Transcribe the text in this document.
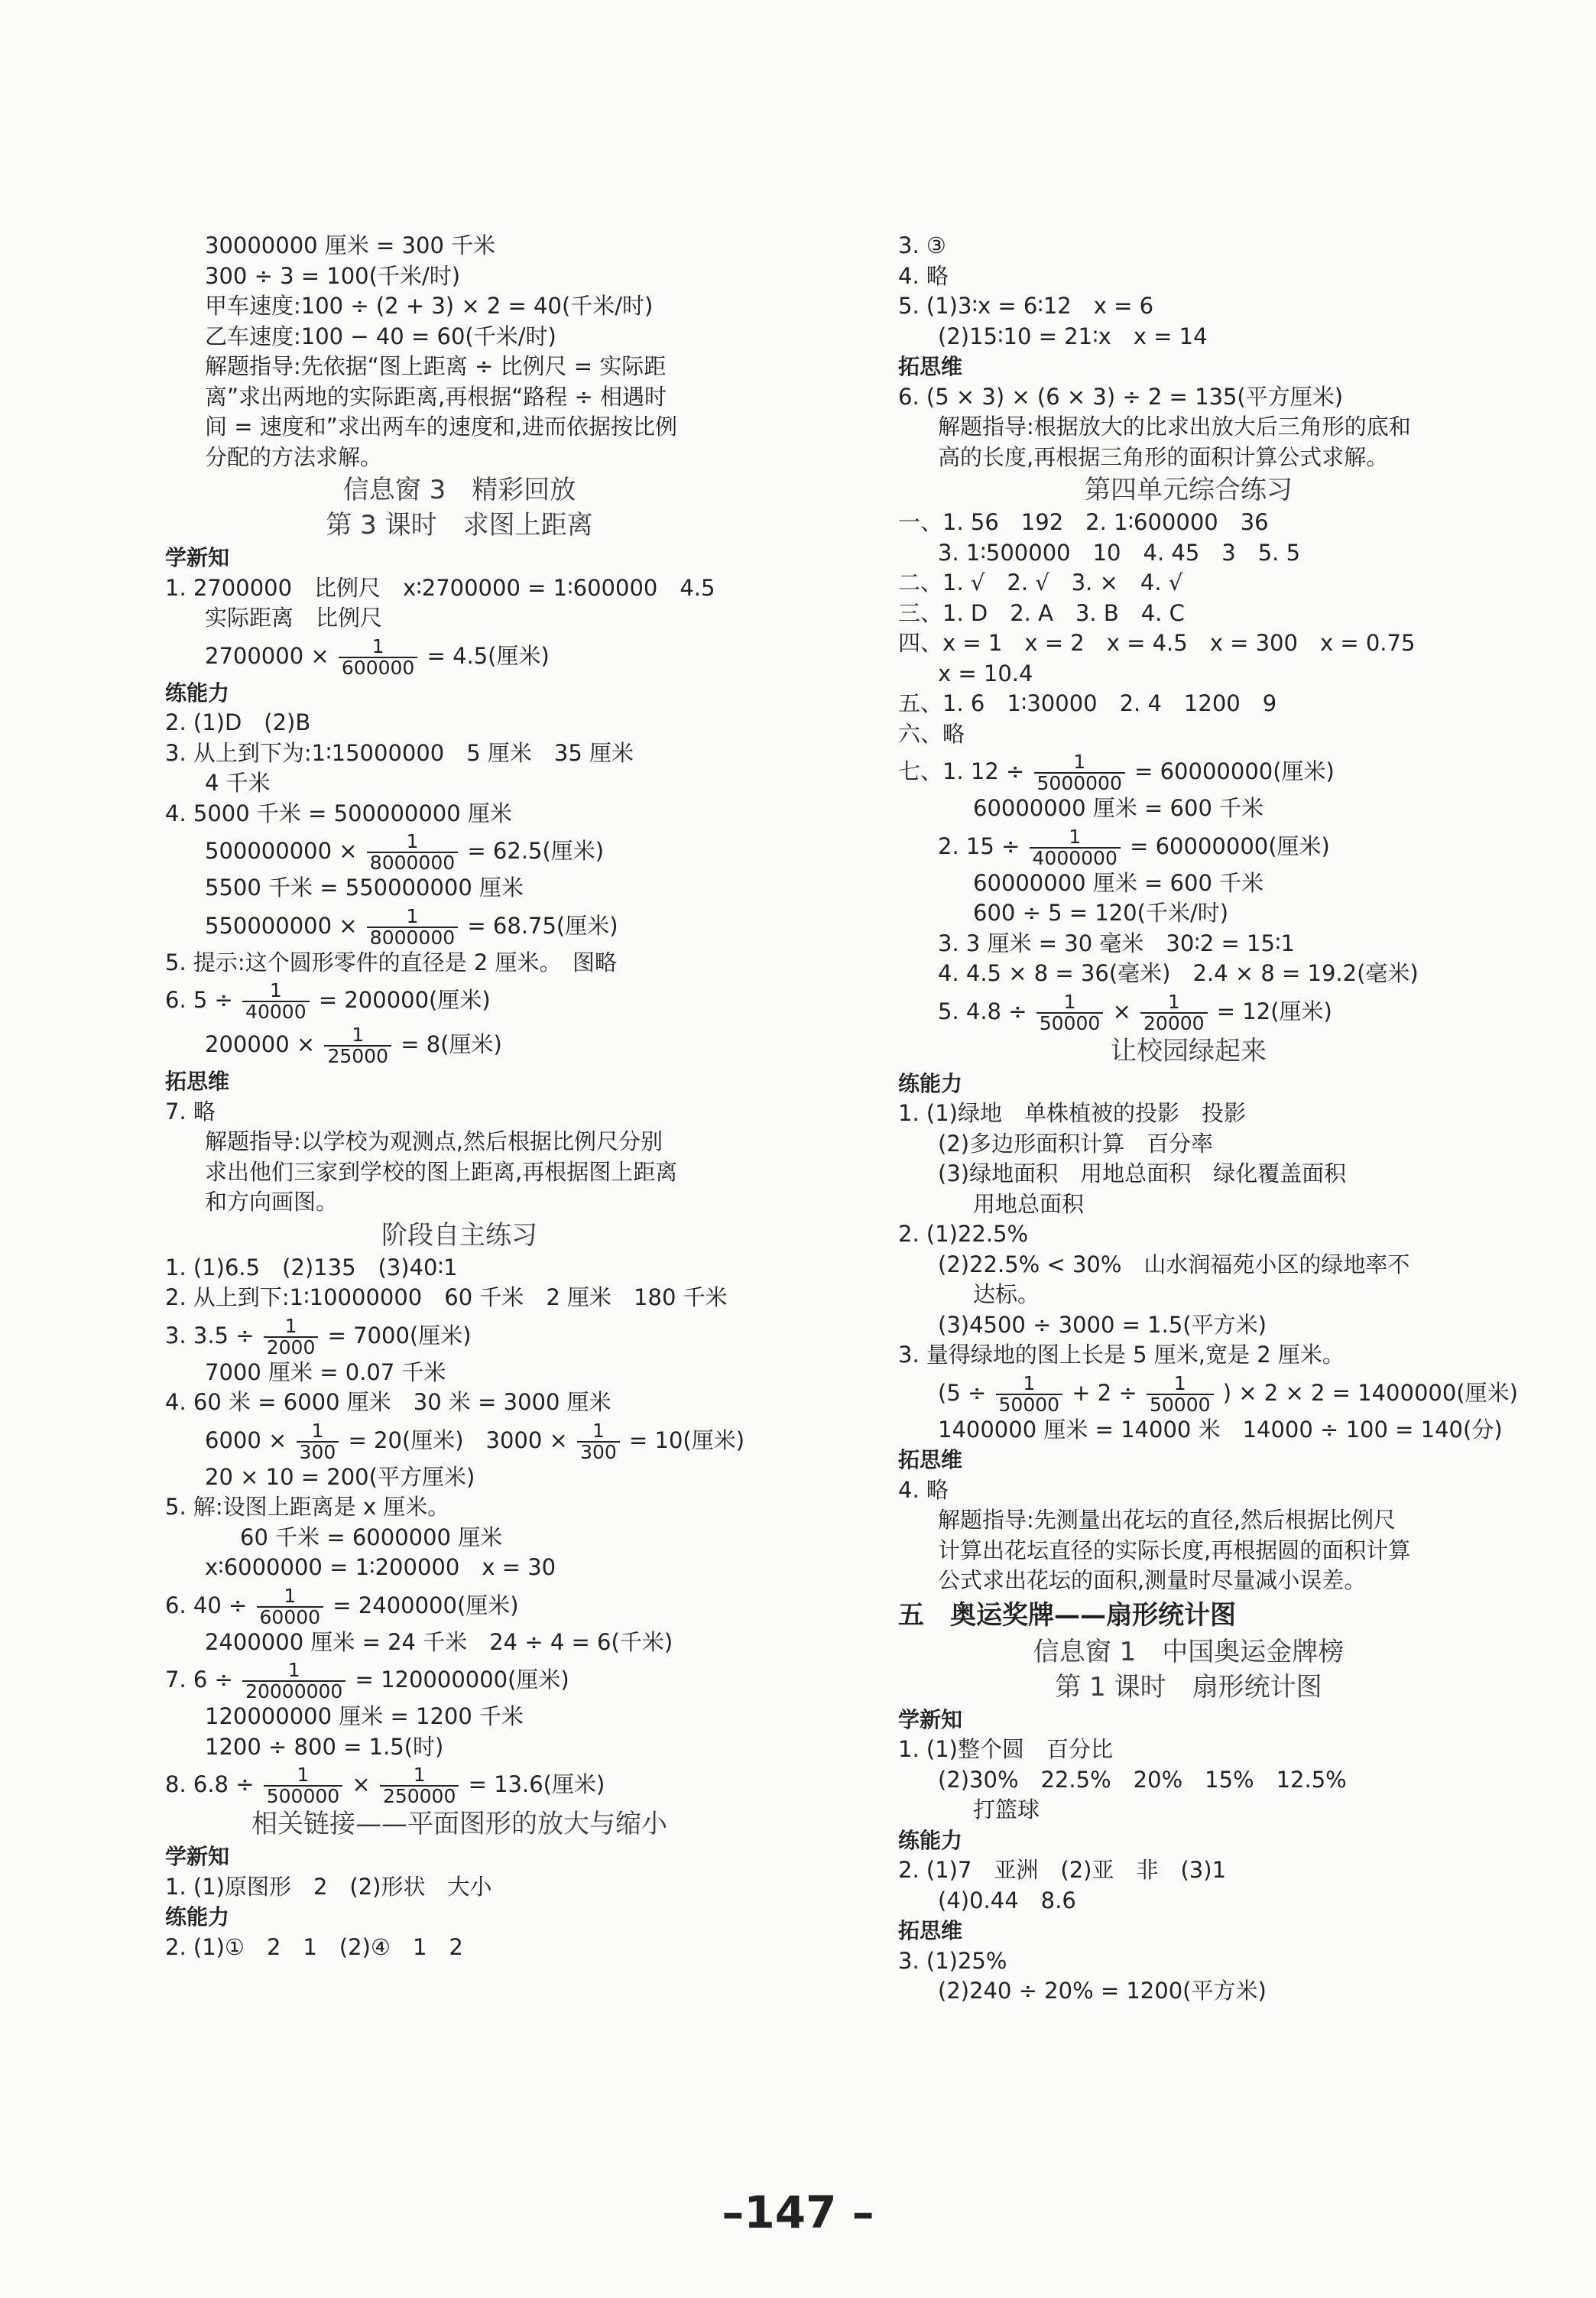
30000000 厘米 = 300 千米
300 ÷ 3 = 100(千米/时)
甲车速度:100 ÷ (2 + 3) × 2 = 40(千米/时)
乙车速度:100 − 40 = 60(千米/时)
解题指导:先依据“图上距离 ÷ 比例尺 = 实际距
离”求出两地的实际距离,再根据“路程 ÷ 相遇时
间 = 速度和”求出两车的速度和,进而依据按比例
分配的方法求解。
信息窗 3　精彩回放
第 3 课时　求图上距离
学新知
1. 2700000　比例尺　x∶2700000 = 1∶600000　4.5
实际距离　比例尺
$2700000 \times \frac{1}{600000} = 4.5$(厘米)
练能力
2. (1)D　(2)B
3. 从上到下为:1∶15000000　5 厘米　35 厘米
4 千米
4. 5000 千米 = 500000000 厘米
$500000000 \times \frac{1}{8000000} = 62.5$(厘米)
5500 千米 = 550000000 厘米
$550000000 \times \frac{1}{8000000} = 68.75$(厘米)
5. 提示:这个圆形零件的直径是 2 厘米。　图略
6. $5 \div \frac{1}{40000} = 200000$(厘米)
$200000 \times \frac{1}{25000} = 8$(厘米)
拓思维
7. 略
解题指导:以学校为观测点,然后根据比例尺分别
求出他们三家到学校的图上距离,再根据图上距离
和方向画图。
阶段自主练习
1. (1)6.5　(2)135　(3)40∶1
2. 从上到下:1∶10000000　60 千米　2 厘米　180 千米
3. $3.5 \div \frac{1}{2000} = 7000$(厘米)
7000 厘米 = 0.07 千米
4. 60 米 = 6000 厘米　30 米 = 3000 厘米
$6000 \times \frac{1}{300} = 20$(厘米)　$3000 \times \frac{1}{300} = 10$(厘米)
20 × 10 = 200(平方厘米)
5. 解:设图上距离是 x 厘米。
60 千米 = 6000000 厘米
x∶6000000 = 1∶200000　x = 30
6. $40 \div \frac{1}{60000} = 2400000$(厘米)
2400000 厘米 = 24 千米　24 ÷ 4 = 6(千米)
7. $6 \div \frac{1}{20000000} = 120000000$(厘米)
120000000 厘米 = 1200 千米
1200 ÷ 800 = 1.5(时)
8. $6.8 \div \frac{1}{500000} \times \frac{1}{250000} = 13.6$(厘米)
相关链接——平面图形的放大与缩小
学新知
1. (1)原图形　2　(2)形状　大小
练能力
2. (1)①　2　1　(2)④　1　2
3. ③
4. 略
5. (1)3∶x = 6∶12　x = 6
(2)15∶10 = 21∶x　x = 14
拓思维
6. (5 × 3) × (6 × 3) ÷ 2 = 135(平方厘米)
解题指导:根据放大的比求出放大后三角形的底和
高的长度,再根据三角形的面积计算公式求解。
第四单元综合练习
一、1. 56　192　2. 1∶600000　36
3. 1∶500000　10　4. 45　3　5. 5
二、1. √　2. √　3. ×　4. √
三、1. D　2. A　3. B　4. C
四、x = 1　x = 2　x = 4.5　x = 300　x = 0.75
x = 10.4
五、1. 6　1∶30000　2. 4　1200　9
六、略
七、1. $12 \div \frac{1}{5000000} = 60000000$(厘米)
60000000 厘米 = 600 千米
2. $15 \div \frac{1}{4000000} = 60000000$(厘米)
60000000 厘米 = 600 千米
600 ÷ 5 = 120(千米/时)
3. 3 厘米 = 30 毫米　30∶2 = 15∶1
4. 4.5 × 8 = 36(毫米)　2.4 × 8 = 19.2(毫米)
5. $4.8 \div \frac{1}{50000} \times \frac{1}{20000} = 12$(厘米)
让校园绿起来
练能力
1. (1)绿地　单株植被的投影　投影
(2)多边形面积计算　百分率
(3)绿地面积　用地总面积　绿化覆盖面积
用地总面积
2. (1)22.5%
(2)22.5% < 30%　山水润福苑小区的绿地率不
达标。
(3)4500 ÷ 3000 = 1.5(平方米)
3. 量得绿地的图上长是 5 厘米,宽是 2 厘米。
($5 \div \frac{1}{50000} + 2 \div \frac{1}{50000}$ ) × 2 × 2 = 1400000(厘米)
1400000 厘米 = 14000 米　14000 ÷ 100 = 140(分)
拓思维
4. 略
解题指导:先测量出花坛的直径,然后根据比例尺
计算出花坛直径的实际长度,再根据圆的面积计算
公式求出花坛的面积,测量时尽量减小误差。
五　奥运奖牌——扇形统计图
信息窗 1　中国奥运金牌榜
第 1 课时　扇形统计图
学新知
1. (1)整个圆　百分比
(2)30%　22.5%　20%　15%　12.5%
打篮球
练能力
2. (1)7　亚洲　(2)亚　非　(3)1
(4)0.44　8.6
拓思维
3. (1)25%
(2)240 ÷ 20% = 1200(平方米)
–147 –
